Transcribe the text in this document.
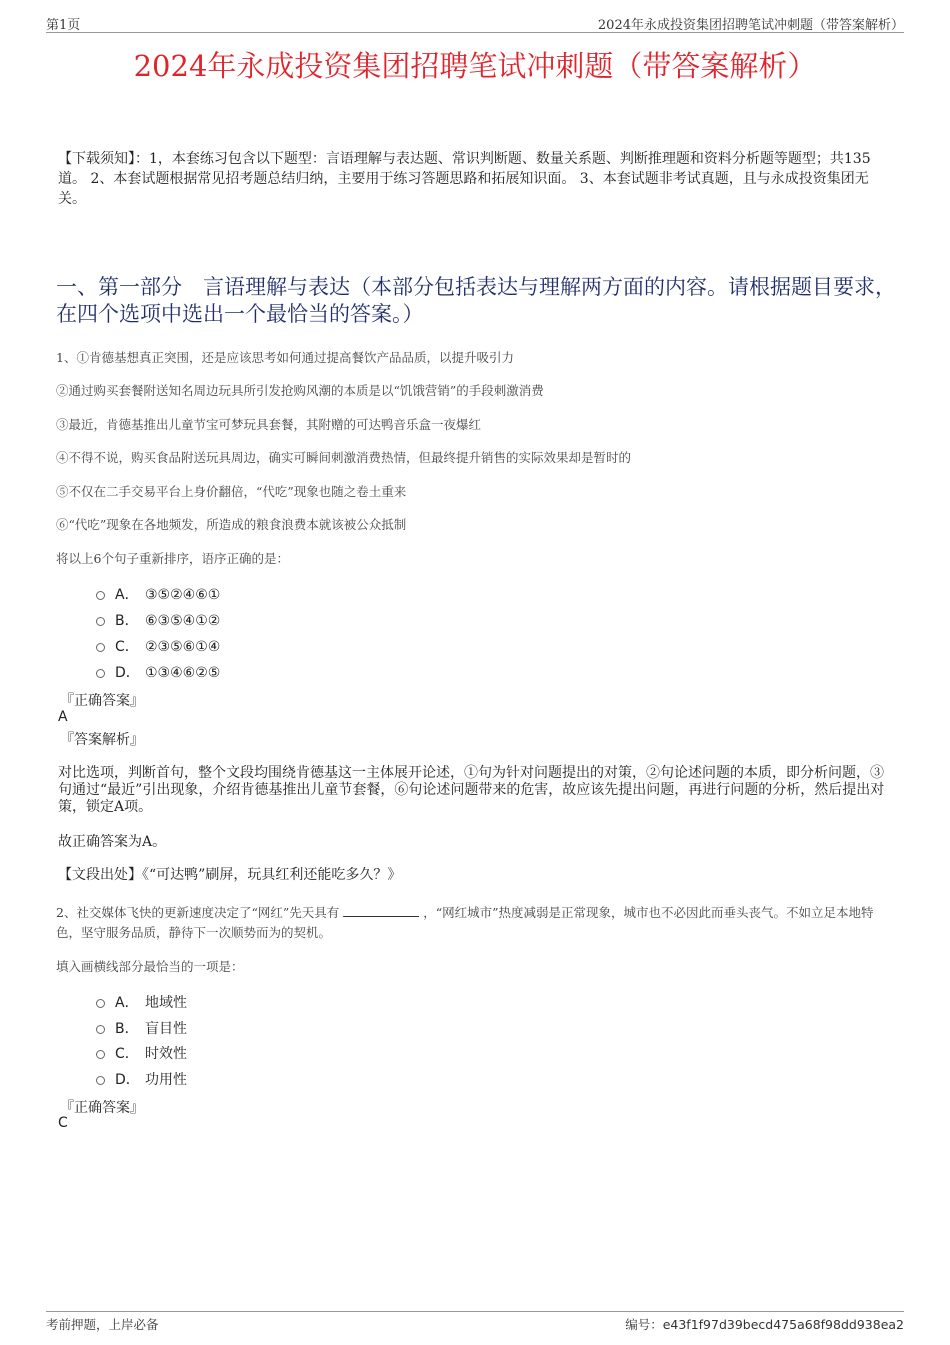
第1页	2024年永成投资集团招聘笔试冲刺题（带答案解析）
2024年永成投资集团招聘笔试冲刺题（带答案解析）
【下载须知】：1，本套练习包含以下题型：言语理解与表达题、常识判断题、数量关系题、判断推理题和资料分析题等题型；共135道。 2、本套试题根据常见招考题总结归纳，主要用于练习答题思路和拓展知识面。 3、本套试题非考试真题，且与永成投资集团无关。
一、第一部分　言语理解与表达（本部分包括表达与理解两方面的内容。请根据题目要求，在四个选项中选出一个最恰当的答案。）
1、①肯德基想真正突围，还是应该思考如何通过提高餐饮产品品质，以提升吸引力
②通过购买套餐附送知名周边玩具所引发抢购风潮的本质是以“饥饿营销”的手段刺激消费
③最近，肯德基推出儿童节宝可梦玩具套餐，其附赠的可达鸭音乐盒一夜爆红
④不得不说，购买食品附送玩具周边，确实可瞬间刺激消费热情，但最终提升销售的实际效果却是暂时的
⑤不仅在二手交易平台上身价翻倍，“代吃”现象也随之卷土重来
⑥“代吃”现象在各地频发，所造成的粮食浪费本就该被公众抵制
将以上6个句子重新排序，语序正确的是：
A． ③⑤②④⑥①
B． ⑥③⑤④①②
C． ②③⑤⑥①④
D． ①③④⑥②⑤
『正确答案』
A
『答案解析』
对比选项，判断首句，整个文段均围绕肯德基这一主体展开论述，①句为针对问题提出的对策，②句论述问题的本质，即分析问题，③句通过“最近”引出现象，介绍肯德基推出儿童节套餐，⑥句论述问题带来的危害，故应该先提出问题，再进行问题的分析，然后提出对策，锁定A项。
故正确答案为A。
【文段出处】《“可达鸭”刷屏，玩具红利还能吃多久？》
2、社交媒体飞快的更新速度决定了“网红”先天具有	，“网红城市”热度减弱是正常现象，城市也不必因此而垂头丧气。不如立足本地特色，坚守服务品质，静待下一次顺势而为的契机。
填入画横线部分最恰当的一项是：
A． 地域性
B． 盲目性
C． 时效性
D． 功用性
『正确答案』
C
考前押题，上岸必备	编号：e43f1f97d39becd475a68f98dd938ea2
